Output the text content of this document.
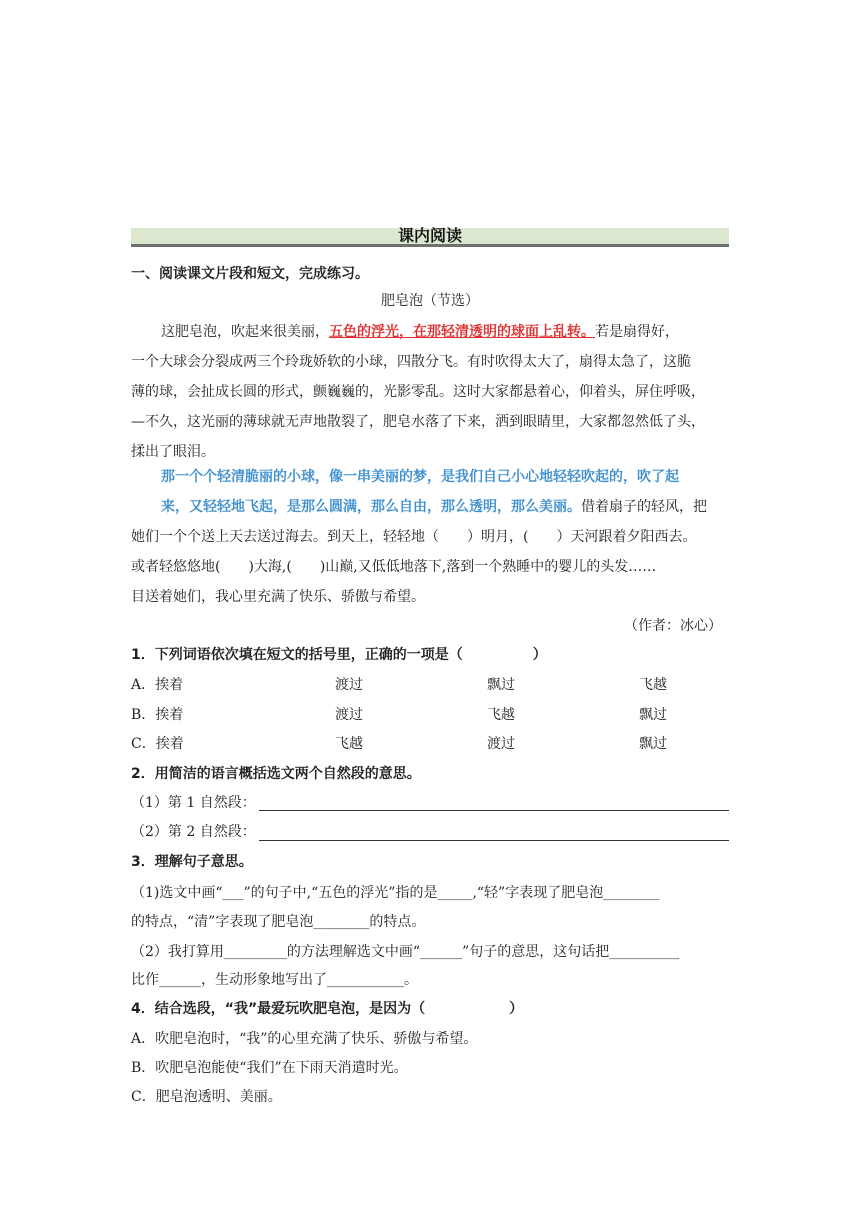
课内阅读
一、阅读课文片段和短文，完成练习。
肥皂泡（节选）
这肥皂泡，吹起来很美丽，五色的浮光，在那轻清透明的球面上乱转。若是扇得好，
一个大球会分裂成两三个玲珑娇软的小球，四散分飞。有时吹得太大了，扇得太急了，这脆
薄的球，会扯成长圆的形式，颤巍巍的，光影零乱。这时大家都悬着心，仰着头，屏住呼吸，
—不久，这光丽的薄球就无声地散裂了，肥皂水落了下来，洒到眼睛里，大家都忽然低了头，
揉出了眼泪。
那一个个轻清脆丽的小球，像一串美丽的梦，是我们自己小心地轻轻吹起的，吹了起
来，又轻轻地飞起，是那么圆满，那么自由，那么透明，那么美丽。借着扇子的轻风，把
她们一个个送上天去送过海去。到天上，轻轻地（　　）明月，(　　）天河跟着夕阳西去。
或者轻悠悠地(　　)大海,(　　)山巅,又低低地落下,落到一个熟睡中的婴儿的头发……
目送着她们，我心里充满了快乐、骄傲与希望。
（作者：冰心）
1．下列词语依次填在短文的括号里，正确的一项是（　　　　　）
A．挨着	渡过	飘过	飞越
B．挨着	渡过	飞越	飘过
C．挨着	飞越	渡过	飘过
2．用简洁的语言概括选文两个自然段的意思。
（1）第 1 自然段：
（2）第 2 自然段：
3．理解句子意思。
（1)选文中画“___”的句子中,“五色的浮光”指的是_____,“轻”字表现了肥皂泡________
的特点，“清”字表现了肥皂泡________的特点。
（2）我打算用_________的方法理解选文中画“______”句子的意思，这句话把__________
比作______，生动形象地写出了___________。
4．结合选段，“我”最爱玩吹肥皂泡，是因为（　　　　　　）
A．吹肥皂泡时，“我”的心里充满了快乐、骄傲与希望。
B．吹肥皂泡能使“我们”在下雨天消遣时光。
C．肥皂泡透明、美丽。
